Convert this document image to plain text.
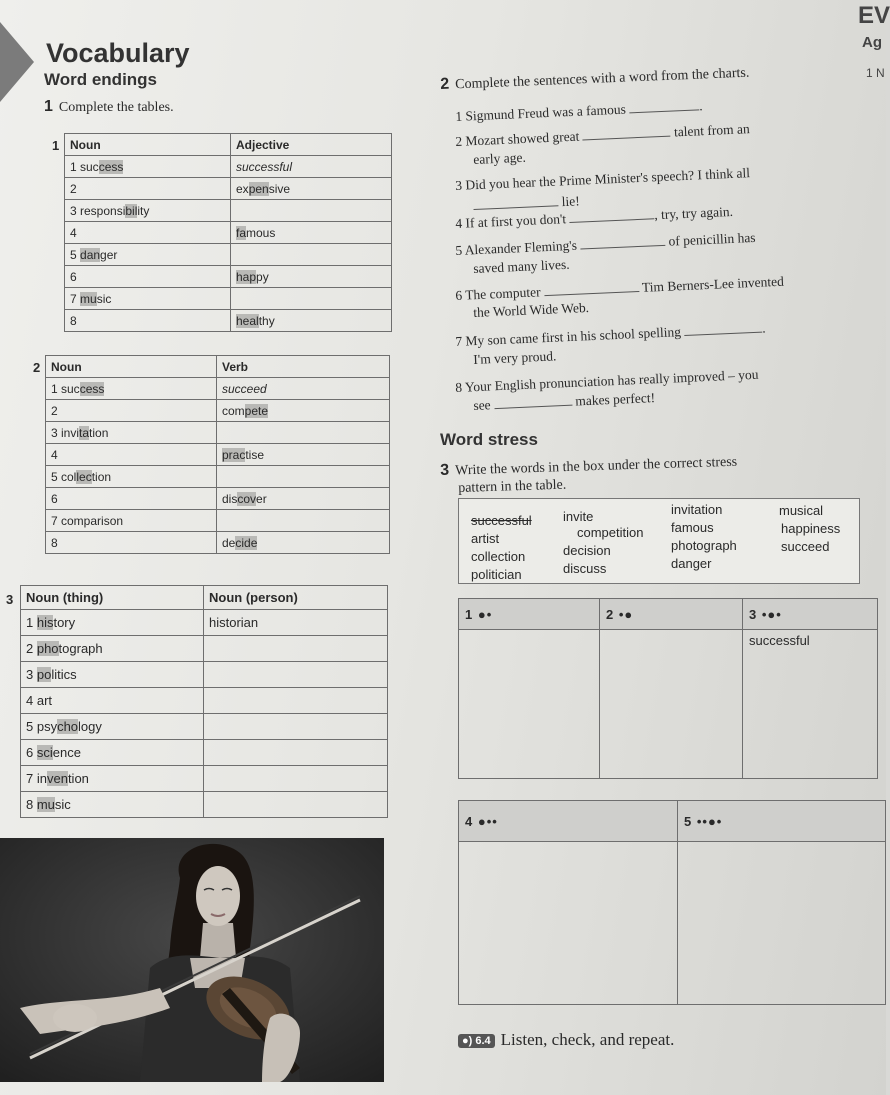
Vocabulary
Word endings
EV
Ag
1 N
1 Complete the tables.
1 Noun	Adjective
1 success	successful
2	expensive
3 responsibility	
4	famous
5 danger	
6	happy
7 music	
8	healthy
2 Noun	Verb
1 success	succeed
2	compete
3 invitation	
4	practise
5 collection	
6	discover
7 comparison	
8	decide
3 Noun (thing)	Noun (person)
1 history	historian
2 photograph	
3 politics	
4 art	
5 psychology	
6 science	
7 invention	
8 music	
2 Complete the sentences with a word from the charts.
1 Sigmund Freud was a famous	.
2 Mozart showed great	talent from an
early age.
3 Did you hear the Prime Minister's speech? I think all
lie!
4 If at first you don't	, try, try again.
5 Alexander Fleming's	of penicillin has
saved many lives.
6 The computer	Tim Berners-Lee invented
the World Wide Web.
7 My son came first in his school spelling	.
I'm very proud.
8 Your English pronunciation has really improved – you
see	makes perfect!
Word stress
3 Write the words in the box under the correct stress
pattern in the table.
successful invite	invitation	musical
artist	competition famous	happiness
collection	decision	photograph	succeed
politician	discuss	danger
1 ●•	2 •●	3 •●•
		successful
4 ●••	5 ••●•

●) 6.4 Listen, check, and repeat.
